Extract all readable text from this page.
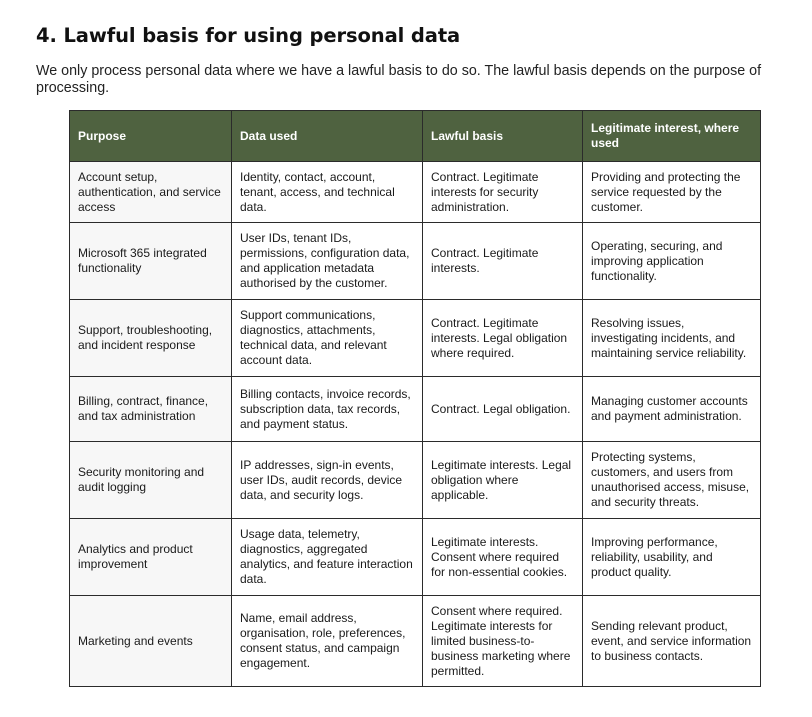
4. Lawful basis for using personal data

We only process personal data where we have a lawful basis to do so. The lawful basis depends on the purpose of processing.

Purpose	Data used	Lawful basis	Legitimate interest, where used
Account setup, authentication, and service access	Identity, contact, account, tenant, access, and technical data.	Contract. Legitimate interests for security administration.	Providing and protecting the service requested by the customer.
Microsoft 365 integrated functionality	User IDs, tenant IDs, permissions, configuration data, and application metadata authorised by the customer.	Contract. Legitimate interests.	Operating, securing, and improving application functionality.
Support, troubleshooting, and incident response	Support communications, diagnostics, attachments, technical data, and relevant account data.	Contract. Legitimate interests. Legal obligation where required.	Resolving issues, investigating incidents, and maintaining service reliability.
Billing, contract, finance, and tax administration	Billing contacts, invoice records, subscription data, tax records, and payment status.	Contract. Legal obligation.	Managing customer accounts and payment administration.
Security monitoring and audit logging	IP addresses, sign-in events, user IDs, audit records, device data, and security logs.	Legitimate interests. Legal obligation where applicable.	Protecting systems, customers, and users from unauthorised access, misuse, and security threats.
Analytics and product improvement	Usage data, telemetry, diagnostics, aggregated analytics, and feature interaction data.	Legitimate interests. Consent where required for non-essential cookies.	Improving performance, reliability, usability, and product quality.
Marketing and events	Name, email address, organisation, role, preferences, consent status, and campaign engagement.	Consent where required. Legitimate interests for limited business-to-business marketing where permitted.	Sending relevant product, event, and service information to business contacts.
